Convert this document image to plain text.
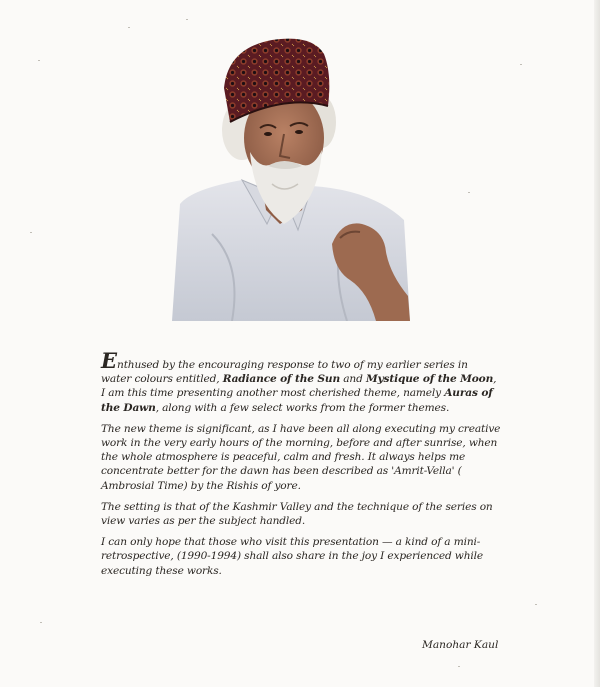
Enthused by the encouraging response to two of my earlier series in water colours entitled, Radiance of the Sun and Mystique of the Moon, I am this time presenting another most cherished theme, namely Auras of the Dawn, along with a few select works from the former themes.

The new theme is significant, as I have been all along executing my creative work in the very early hours of the morning, before and after sunrise, when the whole atmosphere is peaceful, calm and fresh. It always helps me concentrate better for the dawn has been described as 'Amrit-Vella' ( Ambrosial Time) by the Rishis of yore.

The setting is that of the Kashmir Valley and the technique of the series on view varies as per the subject handled.

I can only hope that those who visit this presentation — a kind of a mini-retrospective, (1990-1994) shall also share in the joy I experienced while executing these works.

Manohar Kaul
